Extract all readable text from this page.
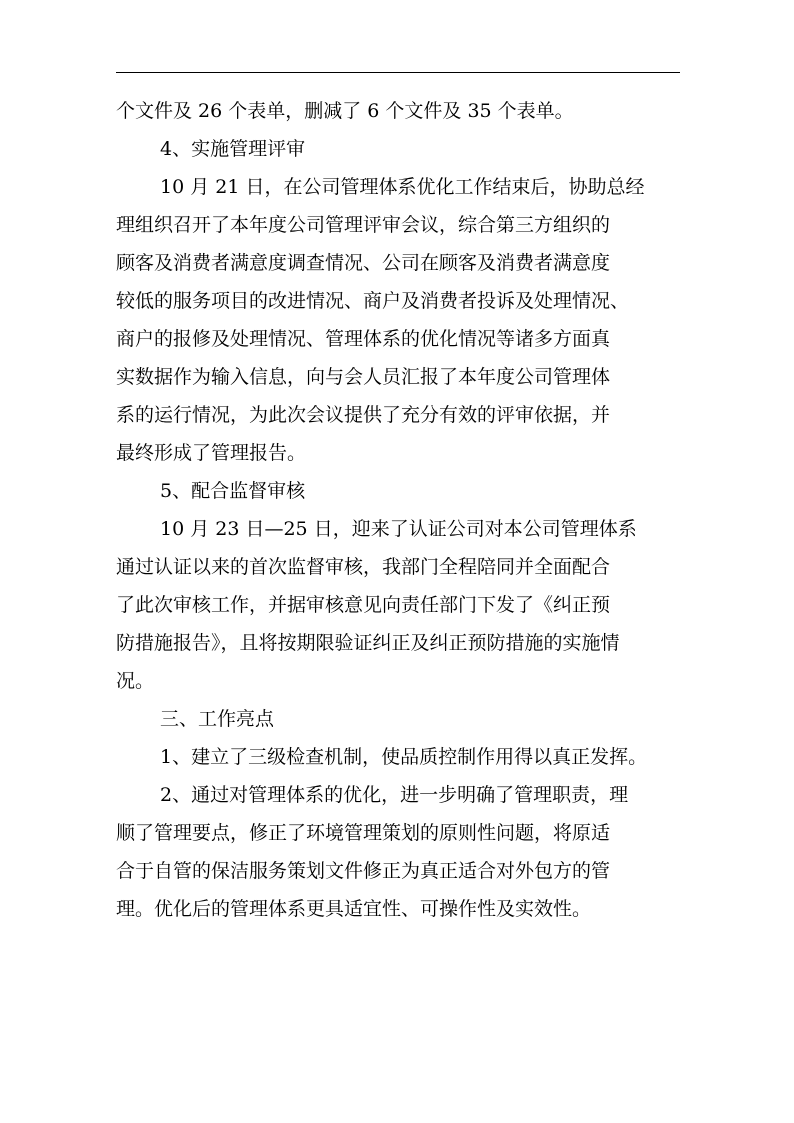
个文件及 26 个表单，删减了 6 个文件及 35 个表单。
4、实施管理评审
10 月 21 日，在公司管理体系优化工作结束后，协助总经
理组织召开了本年度公司管理评审会议，综合第三方组织的
顾客及消费者满意度调查情况、公司在顾客及消费者满意度
较低的服务项目的改进情况、商户及消费者投诉及处理情况、
商户的报修及处理情况、管理体系的优化情况等诸多方面真
实数据作为输入信息，向与会人员汇报了本年度公司管理体
系的运行情况，为此次会议提供了充分有效的评审依据，并
最终形成了管理报告。
5、配合监督审核
10 月 23 日—25 日，迎来了认证公司对本公司管理体系
通过认证以来的首次监督审核，我部门全程陪同并全面配合
了此次审核工作，并据审核意见向责任部门下发了《纠正预
防措施报告》，且将按期限验证纠正及纠正预防措施的实施情
况。
三、工作亮点
1、建立了三级检查机制，使品质控制作用得以真正发挥。
2、通过对管理体系的优化，进一步明确了管理职责，理
顺了管理要点，修正了环境管理策划的原则性问题，将原适
合于自管的保洁服务策划文件修正为真正适合对外包方的管
理。优化后的管理体系更具适宜性、可操作性及实效性。
